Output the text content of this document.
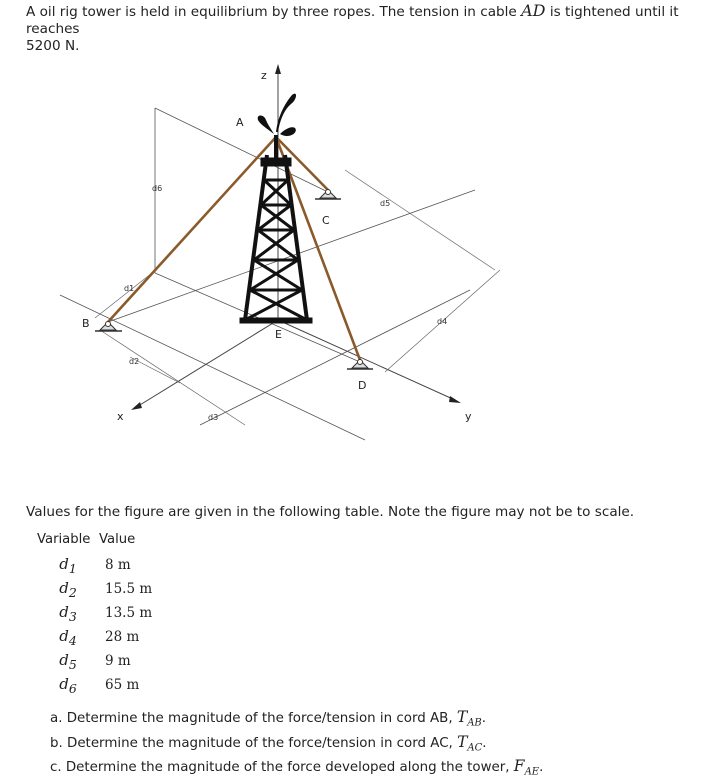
A oil rig tower is held in equilibrium by three ropes. The tension in cable AD is tightened until it reaches
5200 N.
z
A
B
C
D
E
x	y
d1
d2
d3
d4
d5
d6
Values for the figure are given in the following table. Note the figure may not be to scale.
Variable	Value
$d_1$	8 m
$d_2$	15.5 m
$d_3$	13.5 m
$d_4$	28 m
$d_5$	9 m
$d_6$	65 m
a. Determine the magnitude of the force/tension in cord AB, $T_{AB}$.
b. Determine the magnitude of the force/tension in cord AC, $T_{AC}$.
c. Determine the magnitude of the force developed along the tower, $F_{AE}$.
